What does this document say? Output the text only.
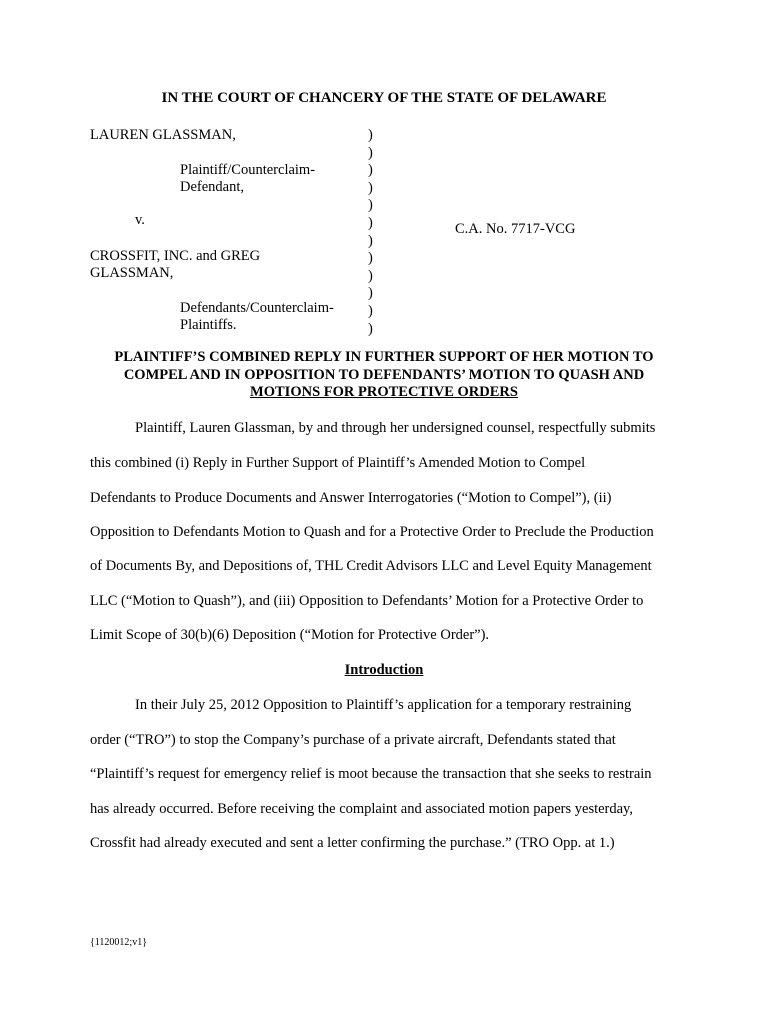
IN THE COURT OF CHANCERY OF THE STATE OF DELAWARE
LAUREN GLASSMAN,
Plaintiff/Counterclaim-
Defendant,
v.
CROSSFIT, INC. and GREG
GLASSMAN,
Defendants/Counterclaim-
Plaintiffs.
)
)
)
)
)
)
)
)
)
)
)
)
C.A. No. 7717-VCG
PLAINTIFF’S COMBINED REPLY IN FURTHER SUPPORT OF HER MOTION TO
COMPEL AND IN OPPOSITION TO DEFENDANTS’ MOTION TO QUASH AND
MOTIONS FOR PROTECTIVE ORDERS
Plaintiff, Lauren Glassman, by and through her undersigned counsel, respectfully submits
this combined (i) Reply in Further Support of Plaintiff’s Amended Motion to Compel
Defendants to Produce Documents and Answer Interrogatories (“Motion to Compel”), (ii)
Opposition to Defendants Motion to Quash and for a Protective Order to Preclude the Production
of Documents By, and Depositions of, THL Credit Advisors LLC and Level Equity Management
LLC (“Motion to Quash”), and (iii) Opposition to Defendants’ Motion for a Protective Order to
Limit Scope of 30(b)(6) Deposition (“Motion for Protective Order”).
Introduction
In their July 25, 2012 Opposition to Plaintiff’s application for a temporary restraining
order (“TRO”) to stop the Company’s purchase of a private aircraft, Defendants stated that
“Plaintiff’s request for emergency relief is moot because the transaction that she seeks to restrain
has already occurred. Before receiving the complaint and associated motion papers yesterday,
Crossfit had already executed and sent a letter confirming the purchase.” (TRO Opp. at 1.)
{1120012;v1}
